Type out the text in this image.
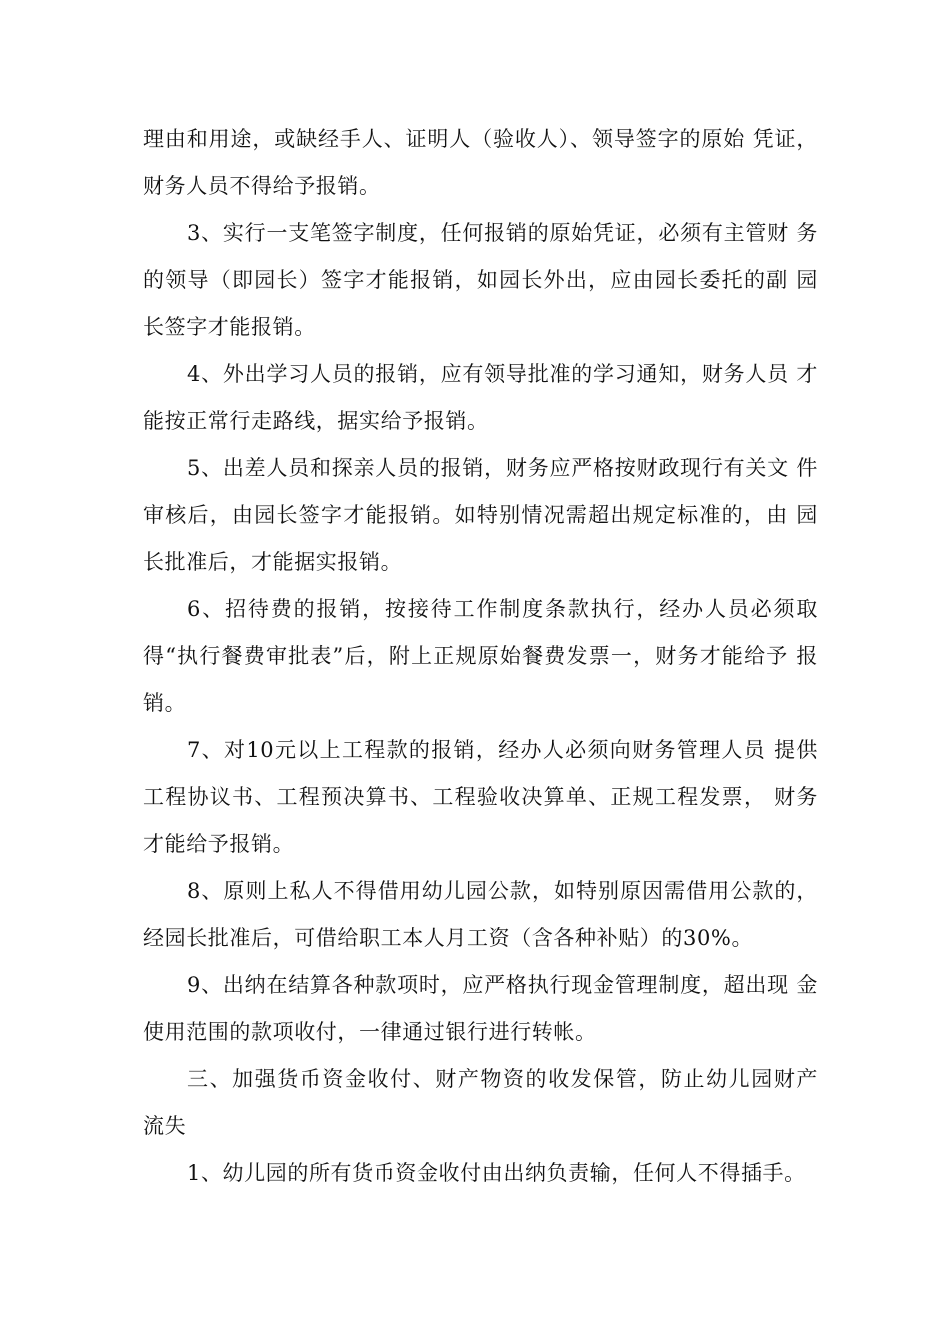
理由和用途，或缺经手人、证明人（验收人）、领导签字的原始 凭证，财务人员不得给予报销。

3、实行一支笔签字制度，任何报销的原始凭证，必须有主管财 务的领导（即园长）签字才能报销，如园长外出，应由园长委托的副 园长签字才能报销。

4、外出学习人员的报销，应有领导批准的学习通知，财务人员 才能按正常行走路线，据实给予报销。

5、出差人员和探亲人员的报销，财务应严格按财政现行有关文 件审核后，由园长签字才能报销。如特别情况需超出规定标准的，由 园长批准后，才能据实报销。

6、招待费的报销，按接待工作制度条款执行，经办人员必须取得“执行餐费审批表”后，附上正规原始餐费发票一，财务才能给予 报销。

7、对10元以上工程款的报销，经办人必须向财务管理人员 提供工程协议书、工程预决算书、工程验收决算单、正规工程发票， 财务才能给予报销。

8、原则上私人不得借用幼儿园公款，如特别原因需借用公款的，经园长批准后，可借给职工本人月工资（含各种补贴）的30%。

9、出纳在结算各种款项时，应严格执行现金管理制度，超出现 金使用范围的款项收付，一律通过银行进行转帐。

三、加强货币资金收付、财产物资的收发保管，防止幼儿园财产 流失

1、幼儿园的所有货币资金收付由出纳负责输，任何人不得插手。
